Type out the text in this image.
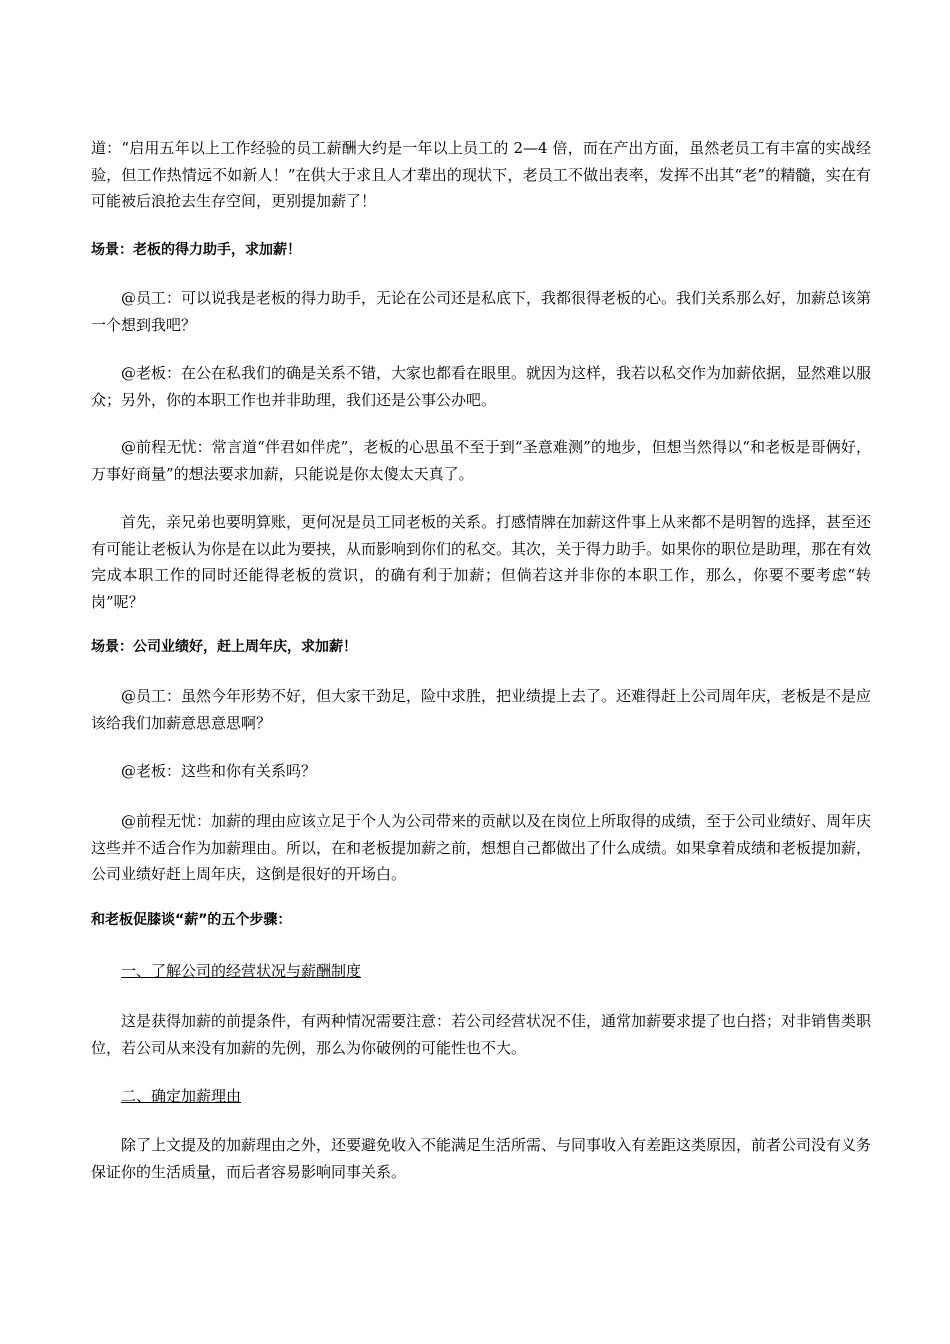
道：“启用五年以上工作经验的员工薪酬大约是一年以上员工的 2—4 倍，而在产出方面，虽然老员工有丰富的实战经验，但工作热情远不如新人！”在供大于求且人才辈出的现状下，老员工不做出表率，发挥不出其“老”的精髓，实在有可能被后浪抢去生存空间，更别提加薪了！

场景：老板的得力助手，求加薪！

@员工：可以说我是老板的得力助手，无论在公司还是私底下，我都很得老板的心。我们关系那么好，加薪总该第一个想到我吧？

@老板：在公在私我们的确是关系不错，大家也都看在眼里。就因为这样，我若以私交作为加薪依据，显然难以服众；另外，你的本职工作也并非助理，我们还是公事公办吧。

@前程无忧：常言道“伴君如伴虎”，老板的心思虽不至于到“圣意难测”的地步，但想当然得以“和老板是哥俩好，万事好商量”的想法要求加薪，只能说是你太傻太天真了。

首先，亲兄弟也要明算账，更何况是员工同老板的关系。打感情牌在加薪这件事上从来都不是明智的选择，甚至还有可能让老板认为你是在以此为要挟，从而影响到你们的私交。其次，关于得力助手。如果你的职位是助理，那在有效完成本职工作的同时还能得老板的赏识，的确有利于加薪；但倘若这并非你的本职工作，那么，你要不要考虑“转岗”呢？

场景：公司业绩好，赶上周年庆，求加薪！

@员工：虽然今年形势不好，但大家干劲足，险中求胜，把业绩提上去了。还难得赶上公司周年庆，老板是不是应该给我们加薪意思意思啊？

@老板：这些和你有关系吗？

@前程无忧：加薪的理由应该立足于个人为公司带来的贡献以及在岗位上所取得的成绩，至于公司业绩好、周年庆这些并不适合作为加薪理由。所以，在和老板提加薪之前，想想自己都做出了什么成绩。如果拿着成绩和老板提加薪，公司业绩好赶上周年庆，这倒是很好的开场白。

和老板促膝谈“薪”的五个步骤：

一、了解公司的经营状况与薪酬制度

这是获得加薪的前提条件，有两种情况需要注意：若公司经营状况不佳，通常加薪要求提了也白搭；对非销售类职位，若公司从来没有加薪的先例，那么为你破例的可能性也不大。

二、确定加薪理由

除了上文提及的加薪理由之外，还要避免收入不能满足生活所需、与同事收入有差距这类原因，前者公司没有义务保证你的生活质量，而后者容易影响同事关系。
